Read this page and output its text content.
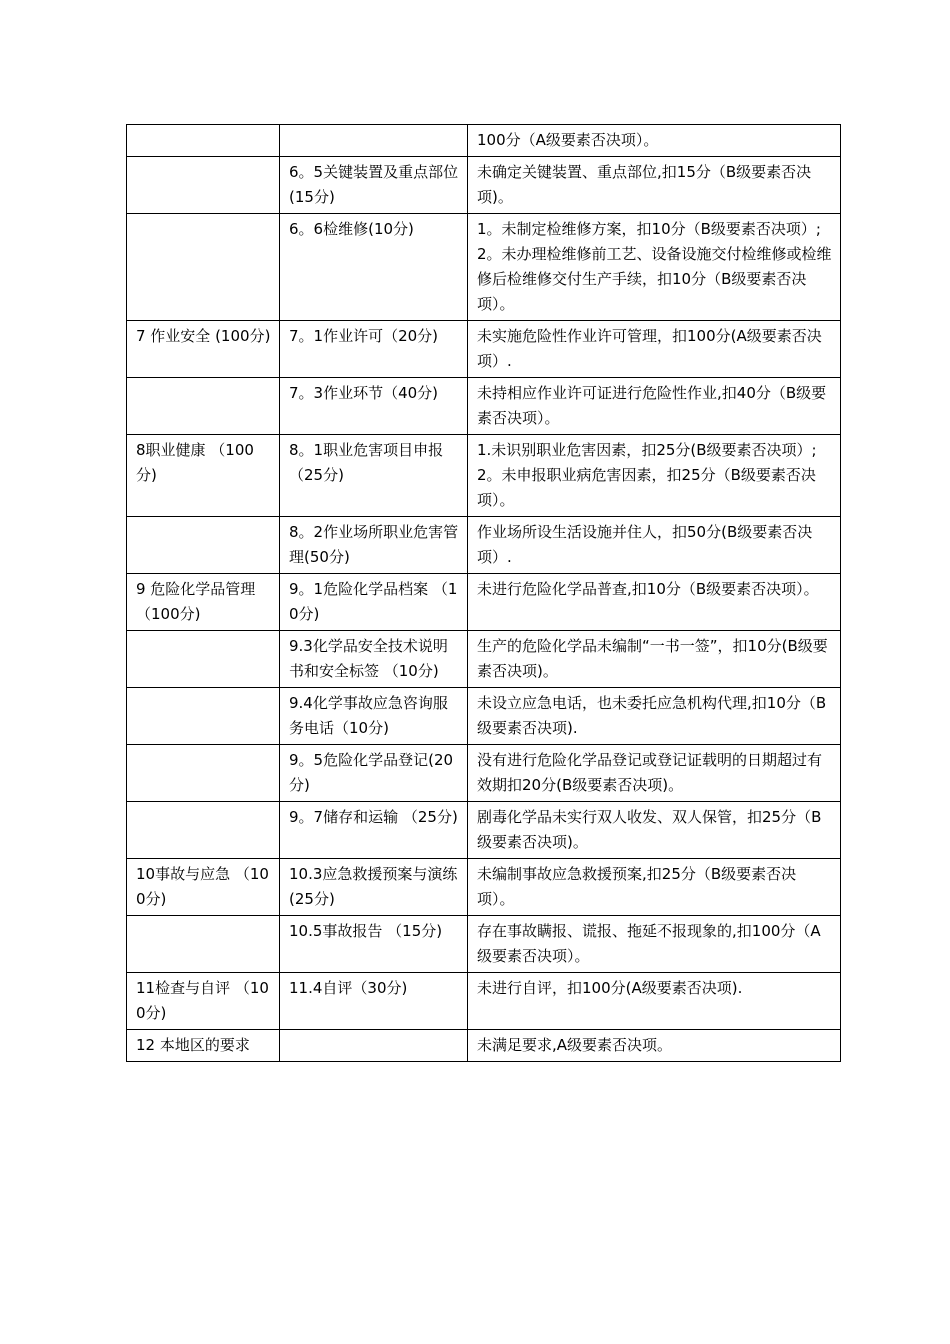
		100分（A级要素否决项）。

	6。5关键装置及重点部位(15分)	未确定关键装置、重点部位,扣15分（B级要素否决项)。

	6。6检维修(10分)	1。未制定检维修方案，扣10分（B级要素否决项）;
2。未办理检维修前工艺、设备设施交付检维修或检维修后检维修交付生产手续，扣10分（B级要素否决项）。

7 作业安全 (100分)	7。1作业许可（20分)	未实施危险性作业许可管理，扣100分(A级要素否决项）.

	7。3作业环节（40分)	未持相应作业许可证进行危险性作业,扣40分（B级要素否决项）。

8职业健康 （100分)	8。1职业危害项目申报（25分)	1.未识别职业危害因素，扣25分(B级要素否决项）;
2。未申报职业病危害因素，扣25分（B级要素否决项）。

	8。2作业场所职业危害管理(50分)	作业场所设生活设施并住人，扣50分(B级要素否决项）.

9 危险化学品管理 （100分)	9。1危险化学品档案 （10分)	未进行危险化学品普查,扣10分（B级要素否决项）。

	9.3化学品安全技术说明书和安全标签 （10分)	生产的危险化学品未编制“一书一签”，扣10分(B级要素否决项)。

	9.4化学事故应急咨询服务电话（10分)	未设立应急电话，也未委托应急机构代理,扣10分（B级要素否决项).

	9。5危险化学品登记(20分)	没有进行危险化学品登记或登记证载明的日期超过有效期扣20分(B级要素否决项)。

	9。7储存和运输 （25分)	剧毒化学品未实行双人收发、双人保管，扣25分（B级要素否决项)。

10事故与应急 （100分)	10.3应急救援预案与演练(25分)	未编制事故应急救援预案,扣25分（B级要素否决项）。

	10.5事故报告 （15分)	存在事故瞒报、谎报、拖延不报现象的,扣100分（A级要素否决项）。

11检查与自评 （100分)	11.4自评（30分)	未进行自评，扣100分(A级要素否决项).

12 本地区的要求		未满足要求,A级要素否决项。
